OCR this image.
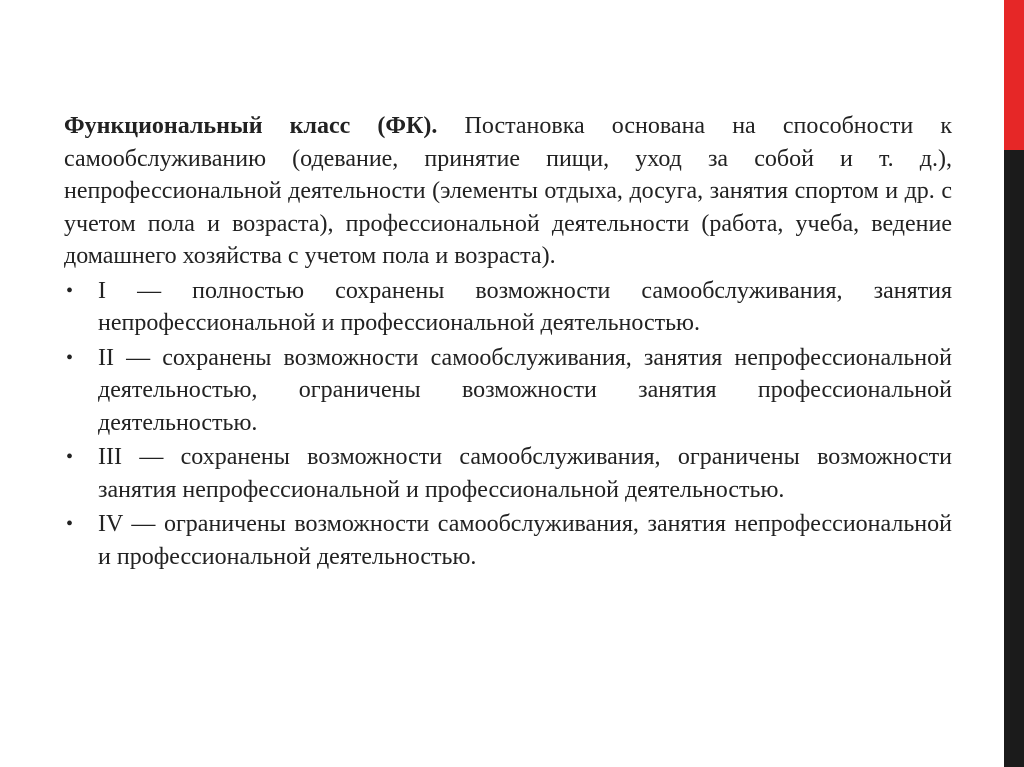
Функциональный класс (ФК). Постановка основана на способности к самообслуживанию (одевание, принятие пищи, уход за собой и т. д.), непрофессиональной деятельности (элементы отдыха, досуга, занятия спортом и др. с учетом пола и возраста), профессиональной деятельности (работа, учеба, ведение домашнего хозяйства с учетом пола и возраста).

• I — полностью сохранены возможности самообслуживания, занятия непрофессиональной и профессиональной деятельностью.
• II — сохранены возможности самообслуживания, занятия непрофессиональной деятельностью, ограничены возможности занятия профессиональной деятельностью.
• III — сохранены возможности самообслуживания, ограничены возможности занятия непрофессиональной и профессиональной деятельностью.
• IV — ограничены возможности самообслуживания, занятия непрофессиональной и профессиональной деятельностью.
